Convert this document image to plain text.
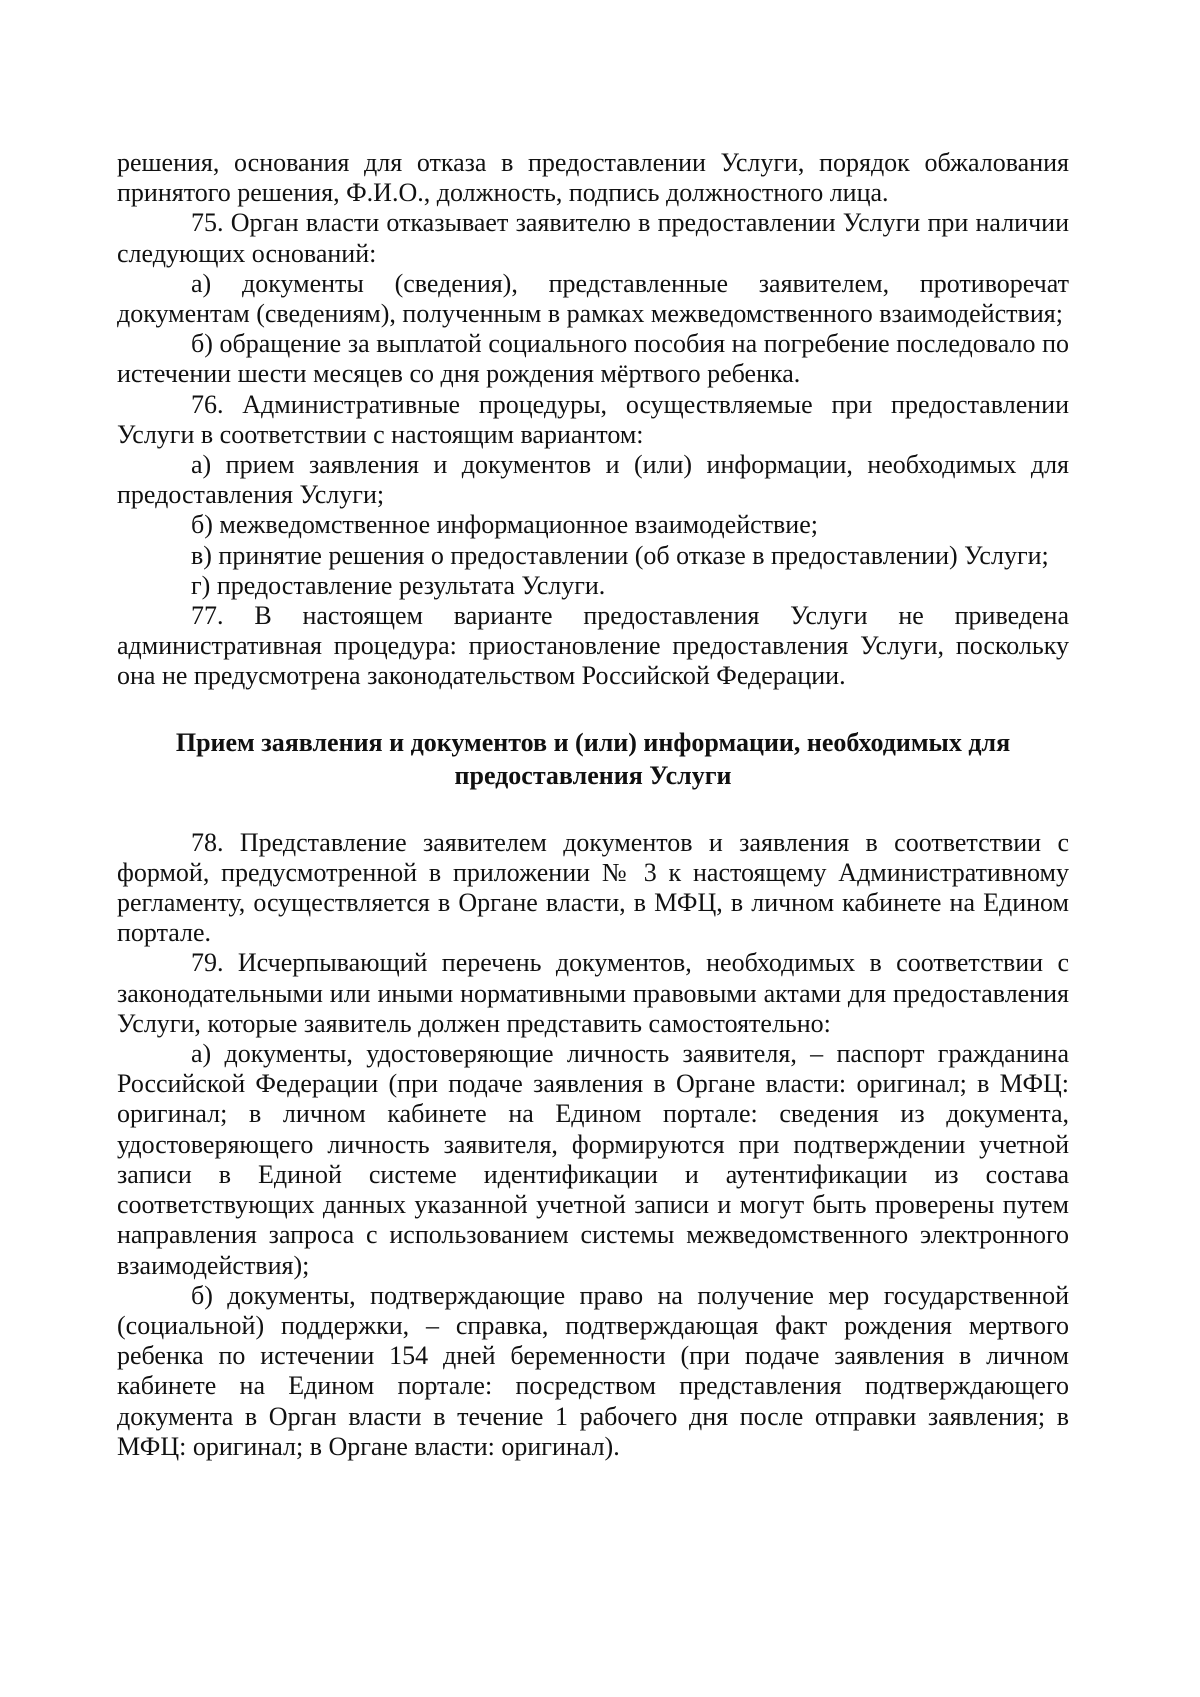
решения, основания для отказа в предоставлении Услуги, порядок обжалования принятого решения, Ф.И.О., должность, подпись должностного лица.

75. Орган власти отказывает заявителю в предоставлении Услуги при наличии следующих оснований:

а) документы (сведения), представленные заявителем, противоречат документам (сведениям), полученным в рамках межведомственного взаимодействия;

б) обращение за выплатой социального пособия на погребение последовало по истечении шести месяцев со дня рождения мёртвого ребенка.

76. Административные процедуры, осуществляемые при предоставлении Услуги в соответствии с настоящим вариантом:

а) прием заявления и документов и (или) информации, необходимых для предоставления Услуги;

б) межведомственное информационное взаимодействие;

в) принятие решения о предоставлении (об отказе в предоставлении) Услуги;

г) предоставление результата Услуги.

77. В настоящем варианте предоставления Услуги не приведена административная процедура: приостановление предоставления Услуги, поскольку она не предусмотрена законодательством Российской Федерации.

Прием заявления и документов и (или) информации, необходимых для
предоставления Услуги

78. Представление заявителем документов и заявления в соответствии с формой, предусмотренной в приложении № 3 к настоящему Административному регламенту, осуществляется в Органе власти, в МФЦ, в личном кабинете на Едином портале.

79. Исчерпывающий перечень документов, необходимых в соответствии с законодательными или иными нормативными правовыми актами для предоставления Услуги, которые заявитель должен представить самостоятельно:

а) документы, удостоверяющие личность заявителя, – паспорт гражданина Российской Федерации (при подаче заявления в Органе власти: оригинал; в МФЦ: оригинал; в личном кабинете на Едином портале: сведения из документа, удостоверяющего личность заявителя, формируются при подтверждении учетной записи в Единой системе идентификации и аутентификации из состава соответствующих данных указанной учетной записи и могут быть проверены путем направления запроса с использованием системы межведомственного электронного взаимодействия);

б) документы, подтверждающие право на получение мер государственной (социальной) поддержки, – справка, подтверждающая факт рождения мертвого ребенка по истечении 154 дней беременности (при подаче заявления в личном кабинете на Едином портале: посредством представления подтверждающего документа в Орган власти в течение 1 рабочего дня после отправки заявления; в МФЦ: оригинал; в Органе власти: оригинал).
